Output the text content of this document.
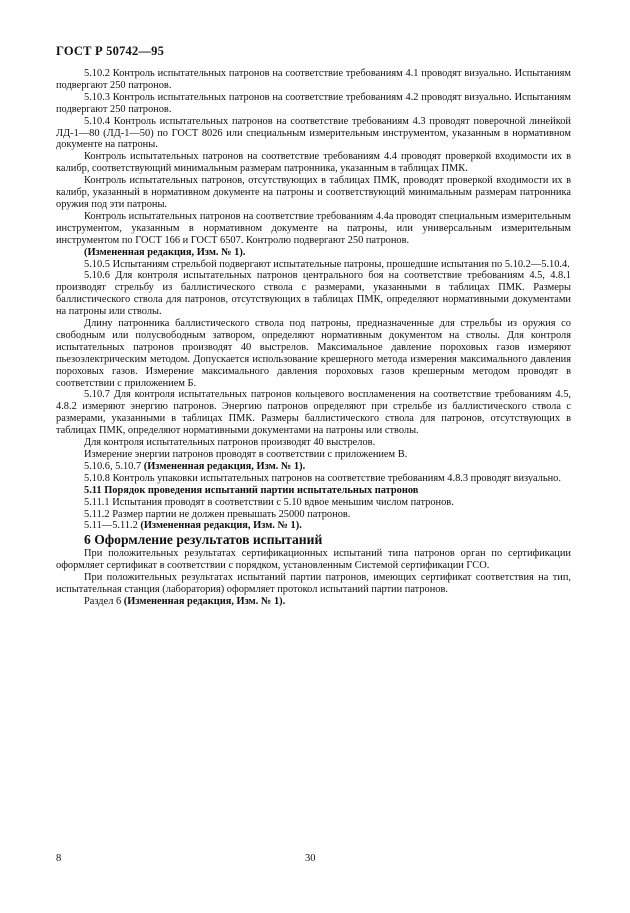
ГОСТ Р 50742—95

5.10.2 Контроль испытательных патронов на соответствие требованиям 4.1 проводят визуально. Испытаниям подвергают 250 патронов.

5.10.3 Контроль испытательных патронов на соответствие требованиям 4.2 проводят визуально. Испытаниям подвергают 250 патронов.

5.10.4 Контроль испытательных патронов на соответствие требованиям 4.3 проводят поверочной линейкой ЛД-1—80 (ЛД-1—50) по ГОСТ 8026 или специальным измерительным инструментом, указанным в нормативном документе на патроны.

Контроль испытательных патронов на соответствие требованиям 4.4 проводят проверкой входимости их в калибр, соответствующий минимальным размерам патронника, указанным в таблицах ПМК.

Контроль испытательных патронов, отсутствующих в таблицах ПМК, проводят проверкой входимости их в калибр, указанный в нормативном документе на патроны и соответствующий минимальным размерам патронника оружия под эти патроны.

Контроль испытательных патронов на соответствие требованиям 4.4а проводят специальным измерительным инструментом, указанным в нормативном документе на патроны, или универсальным измерительным инструментом по ГОСТ 166 и ГОСТ 6507. Контролю подвергают 250 патронов.

(Измененная редакция, Изм. № 1).

5.10.5 Испытаниям стрельбой подвергают испытательные патроны, прошедшие испытания по 5.10.2—5.10.4.

5.10.6 Для контроля испытательных патронов центрального боя на соответствие требованиям 4.5, 4.8.1 производят стрельбу из баллистического ствола с размерами, указанными в таблицах ПМК. Размеры баллистического ствола для патронов, отсутствующих в таблицах ПМК, определяют нормативными документами на патроны или стволы.

Длину патронника баллистического ствола под патроны, предназначенные для стрельбы из оружия со свободным или полусвободным затвором, определяют нормативным документом на стволы. Для контроля испытательных патронов производят 40 выстрелов. Максимальное давление пороховых газов измеряют пьезоэлектрическим методом. Допускается использование крешерного метода измерения максимального давления пороховых газов. Измерение максимального давления пороховых газов крешерным методом проводят в соответствии с приложением Б.

5.10.7 Для контроля испытательных патронов кольцевого воспламенения на соответствие требованиям 4.5, 4.8.2 измеряют энергию патронов. Энергию патронов определяют при стрельбе из баллистического ствола с размерами, указанными в таблицах ПМК. Размеры баллистического ствола для патронов, отсутствующих в таблицах ПМК, определяют нормативными документами на патроны или стволы.

Для контроля испытательных патронов производят 40 выстрелов.

Измерение энергии патронов проводят в соответствии с приложением В.

5.10.6, 5.10.7 (Измененная редакция, Изм. № 1).

5.10.8 Контроль упаковки испытательных патронов на соответствие требованиям 4.8.3 проводят визуально.

5.11 Порядок проведения испытаний партии испытательных патронов

5.11.1 Испытания проводят в соответствии с 5.10 вдвое меньшим числом патронов.

5.11.2 Размер партии не должен превышать 25000 патронов.

5.11—5.11.2 (Измененная редакция, Изм. № 1).

6 Оформление результатов испытаний

При положительных результатах сертификационных испытаний типа патронов орган по сертификации оформляет сертификат в соответствии с порядком, установленным Системой сертификации ГСО.

При положительных результатах испытаний партии патронов, имеющих сертификат соответствия на тип, испытательная станция (лаборатория) оформляет протокол испытаний партии патронов.

Раздел 6 (Измененная редакция, Изм. № 1).

8	30
